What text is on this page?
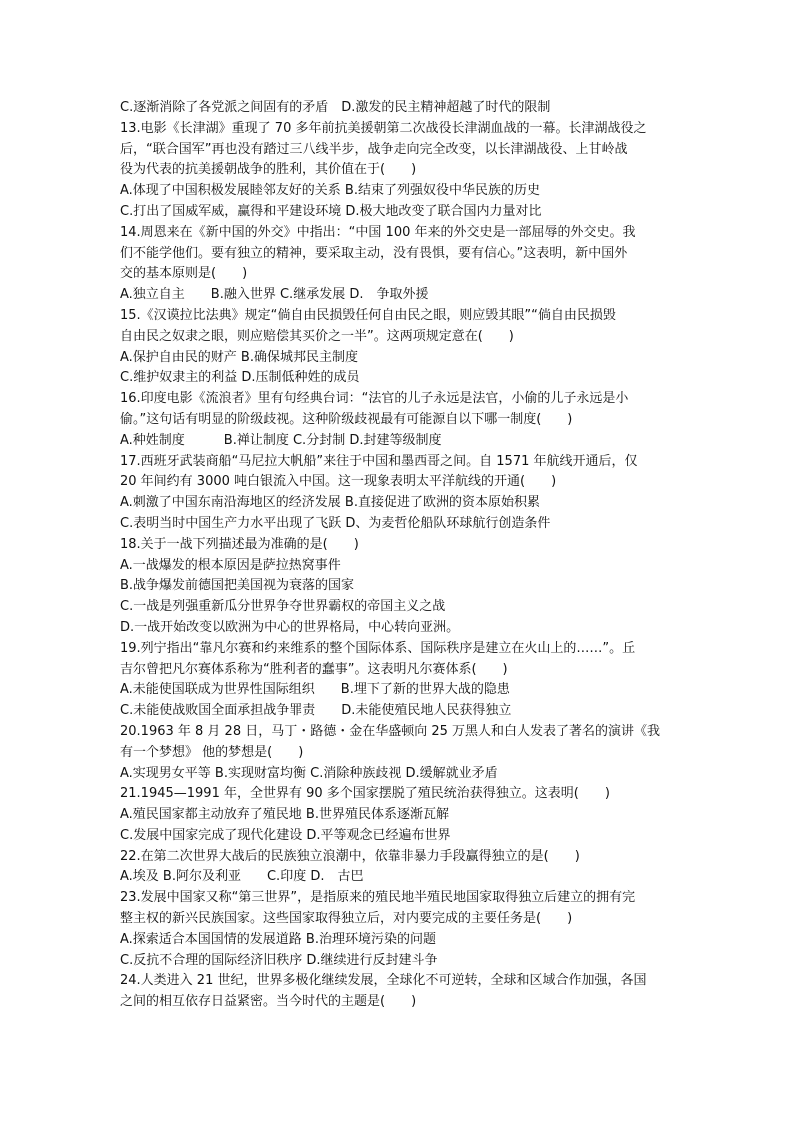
C.逐渐消除了各党派之间固有的矛盾　D.激发的民主精神超越了时代的限制
13.电影《长津湖》重现了 70 多年前抗美援朝第二次战役长津湖血战的一幕。长津湖战役之
后，“联合国军”再也没有踏过三八线半步，战争走向完全改变，以长津湖战役、上甘岭战
役为代表的抗美援朝战争的胜利，其价值在于(　　)
A.体现了中国积极发展睦邻友好的关系 B.结束了列强奴役中华民族的历史
C.打出了国威军威，赢得和平建设环境 D.极大地改变了联合国内力量对比
14.周恩来在《新中国的外交》中指出：“中国 100 年来的外交史是一部屈辱的外交史。我
们不能学他们。要有独立的精神，要采取主动，没有畏惧，要有信心。”这表明，新中国外
交的基本原则是(　　)
A.独立自主　　B.融入世界 C.继承发展 D.　争取外援
15.《汉谟拉比法典》规定“倘自由民损毁任何自由民之眼，则应毁其眼”“倘自由民损毁
自由民之奴隶之眼，则应赔偿其买价之一半”。这两项规定意在(　　)
A.保护自由民的财产 B.确保城邦民主制度
C.维护奴隶主的利益 D.压制低种姓的成员
16.印度电影《流浪者》里有句经典台词：“法官的儿子永远是法官，小偷的儿子永远是小
偷。”这句话有明显的阶级歧视。这种阶级歧视最有可能源自以下哪一制度(　　)
A.种姓制度　　　B.禅让制度 C.分封制 D.封建等级制度
17.西班牙武装商船“马尼拉大帆船”来往于中国和墨西哥之间。自 1571 年航线开通后，仅
20 年间约有 3000 吨白银流入中国。这一现象表明太平洋航线的开通(　　)
A.刺激了中国东南沿海地区的经济发展 B.直接促进了欧洲的资本原始积累
C.表明当时中国生产力水平出现了飞跃 D、为麦哲伦船队环球航行创造条件
18.关于一战下列描述最为准确的是(　　)
A.一战爆发的根本原因是萨拉热窝事件
B.战争爆发前德国把美国视为衰落的国家
C.一战是列强重新瓜分世界争夺世界霸权的帝国主义之战
D.一战开始改变以欧洲为中心的世界格局，中心转向亚洲。
19.列宁指出“靠凡尔赛和约来维系的整个国际体系、国际秩序是建立在火山上的……”。丘
吉尔曾把凡尔赛体系称为“胜利者的蠢事”。这表明凡尔赛体系(　　)
A.未能使国联成为世界性国际组织　　B.埋下了新的世界大战的隐患
C.未能使战败国全面承担战争罪责　　D.未能使殖民地人民获得独立
20.1963 年 8 月 28 日，马丁・路德・金在华盛顿向 25 万黑人和白人发表了著名的演讲《我
有一个梦想》 他的梦想是(　　)
A.实现男女平等 B.实现财富均衡 C.消除种族歧视 D.缓解就业矛盾
21.1945—1991 年，全世界有 90 多个国家摆脱了殖民统治获得独立。这表明(　　)
A.殖民国家都主动放弃了殖民地 B.世界殖民体系逐渐瓦解
C.发展中国家完成了现代化建设 D.平等观念已经遍布世界
22.在第二次世界大战后的民族独立浪潮中，依靠非暴力手段赢得独立的是(　　)
A.埃及 B.阿尔及利亚　　C.印度 D.　古巴
23.发展中国家又称“第三世界”，是指原来的殖民地半殖民地国家取得独立后建立的拥有完
整主权的新兴民族国家。这些国家取得独立后，对内要完成的主要任务是(　　)
A.探索适合本国国情的发展道路 B.治理环境污染的问题
C.反抗不合理的国际经济旧秩序 D.继续进行反封建斗争
24.人类进入 21 世纪，世界多极化继续发展，全球化不可逆转，全球和区域合作加强，各国
之间的相互依存日益紧密。当今时代的主题是(　　)
